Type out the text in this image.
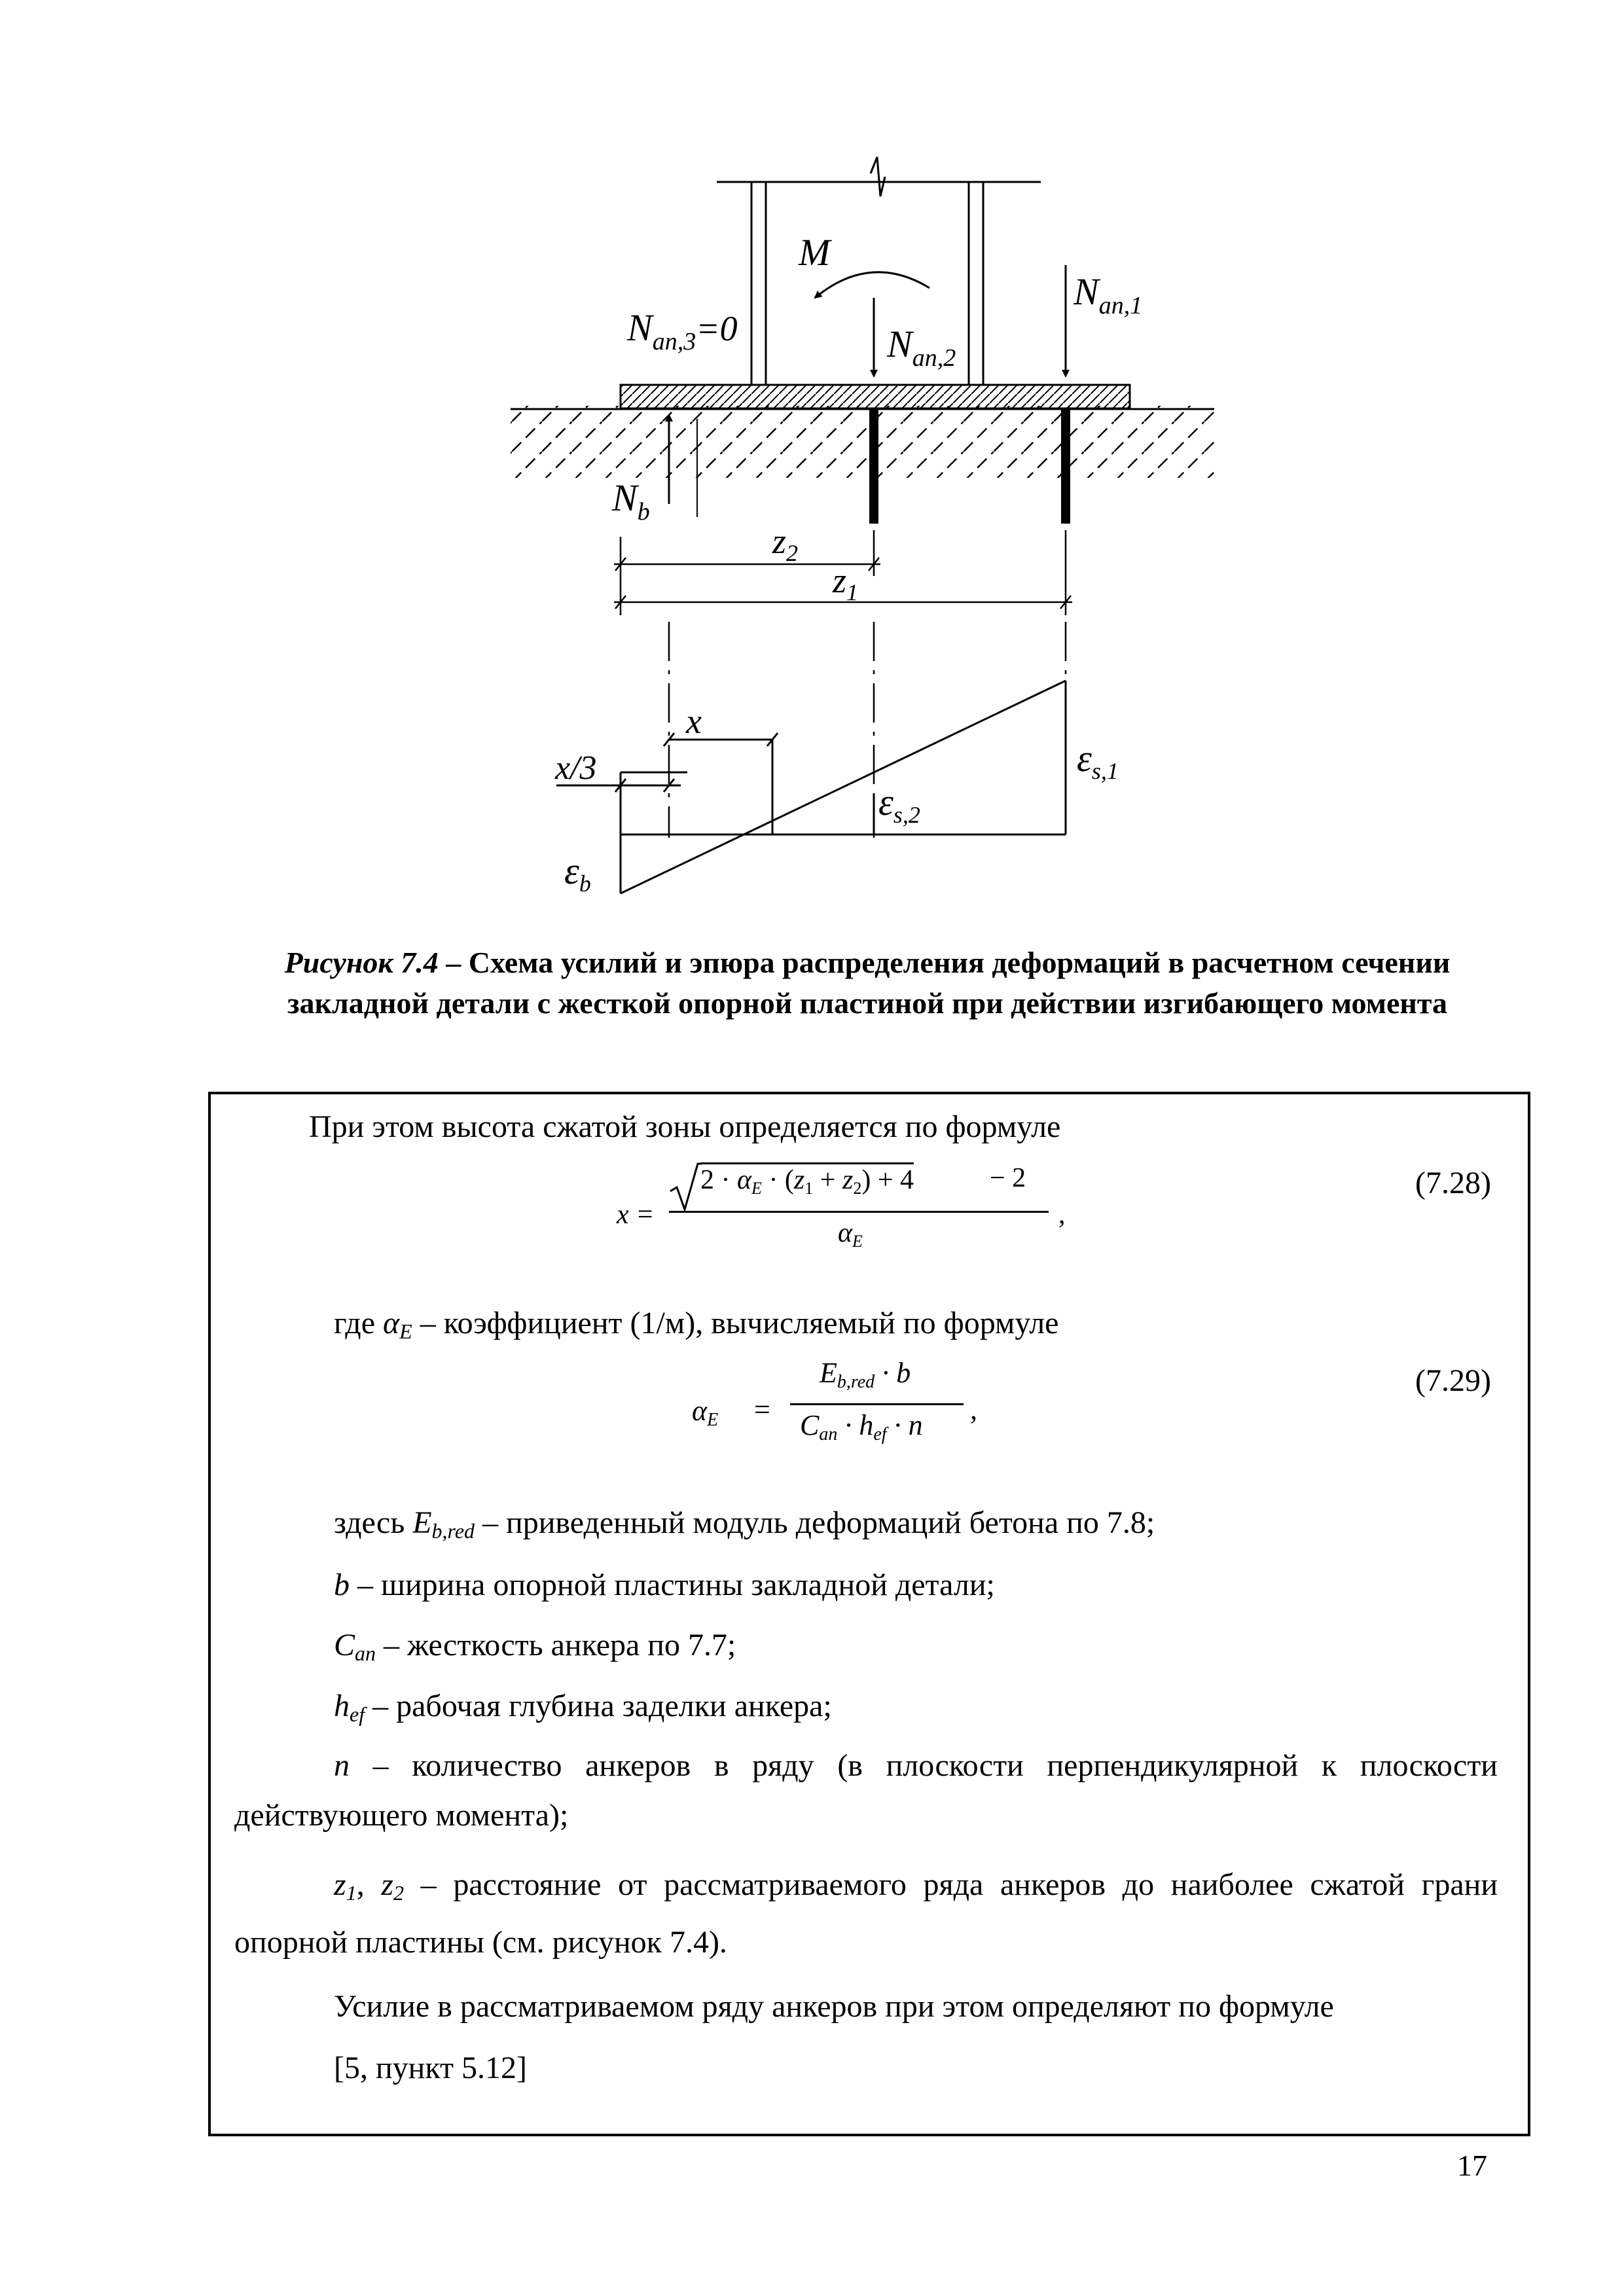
M
$N_{an,3}=0$	$N_{an,2}$
$N_{an,1}$
$N_b$
$z_2$
$z_1$
x
x/3	$\varepsilon_{s,1}$
$\varepsilon_{s,2}$
$\varepsilon_b$
Рисунок 7.4 – Схема усилий и эпюра распределения деформаций в расчетном сечении
закладной детали с жесткой опорной пластиной при действии изгибающего момента
При этом высота сжатой зоны определяется по формуле
x =
$2 \cdot \alpha_E \cdot (z_1 + z_2) + 4$	− 2
$\alpha_E$
,
(7.28)
где $\alpha_E$ – коэффициент (1/м), вычисляемый по формуле
$\alpha_E$ =
$E_{b,red} \cdot b$
$C_{an} \cdot h_{ef} \cdot n$ ,
(7.29)
здесь $E_{b,red}$ – приведенный модуль деформаций бетона по 7.8;
b – ширина опорной пластины закладной детали;
$C_{an}$ – жесткость анкера по 7.7;
$h_{ef}$ – рабочая глубина заделки анкера;
n – количество анкеров в ряду (в плоскости перпендикулярной к плоскости действующего момента);
$z_1$, $z_2$ – расстояние от рассматриваемого ряда анкеров до наиболее сжатой грани опорной пластины (см. рисунок 7.4).
Усилие в рассматриваемом ряду анкеров при этом определяют по формуле
[5, пункт 5.12]
17
